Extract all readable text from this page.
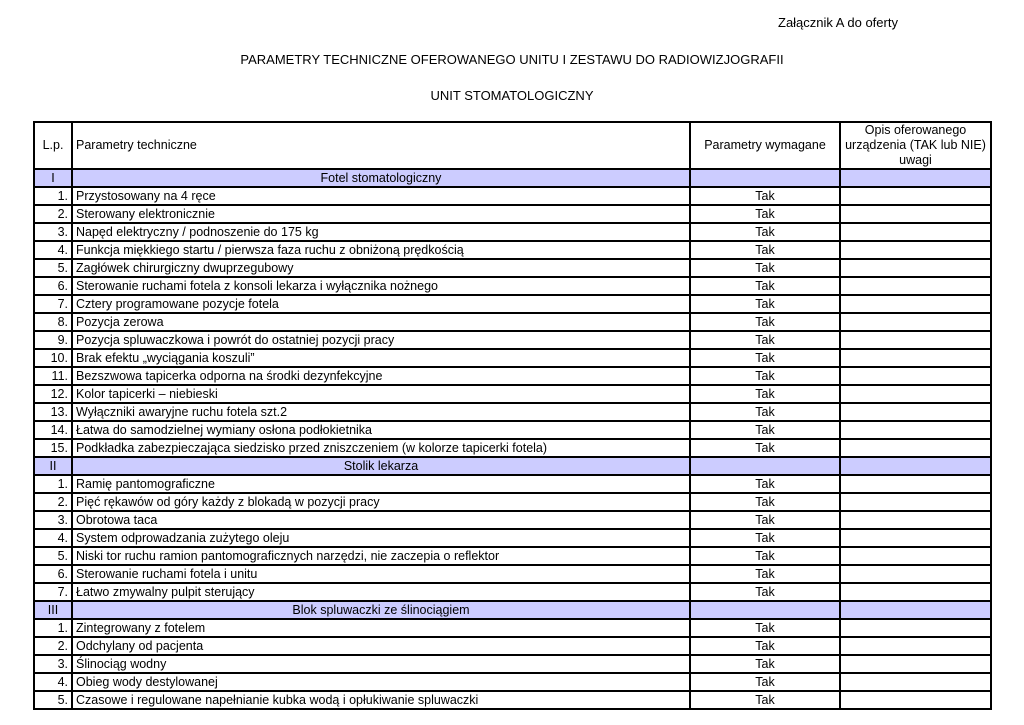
Załącznik A do oferty
PARAMETRY TECHNICZNE OFEROWANEGO UNITU I ZESTAWU DO RADIOWIZJOGRAFII
UNIT STOMATOLOGICZNY
L.p.	Parametry techniczne	Parametry wymagane	Opis oferowanego urządzenia (TAK lub NIE) uwagi
I	Fotel stomatologiczny		
1.	Przystosowany na 4 ręce	Tak	
2.	Sterowany elektronicznie	Tak	
3.	Napęd elektryczny / podnoszenie do 175 kg	Tak	
4.	Funkcja miękkiego startu / pierwsza faza ruchu z obniżoną prędkością	Tak	
5.	Zagłówek chirurgiczny dwuprzegubowy	Tak	
6.	Sterowanie ruchami fotela z konsoli lekarza i wyłącznika nożnego	Tak	
7.	Cztery programowane pozycje fotela	Tak	
8.	Pozycja zerowa	Tak	
9.	Pozycja spluwaczkowa i powrót do ostatniej pozycji pracy	Tak	
10.	Brak efektu „wyciągania koszuli”	Tak	
11.	Bezszwowa tapicerka odporna na środki dezynfekcyjne	Tak	
12.	Kolor tapicerki – niebieski	Tak	
13.	Wyłączniki awaryjne ruchu fotela szt.2	Tak	
14.	Łatwa do samodzielnej wymiany osłona podłokietnika	Tak	
15.	Podkładka zabezpieczająca siedzisko przed zniszczeniem (w kolorze tapicerki fotela)	Tak	
II	Stolik lekarza		
1.	Ramię pantomograficzne	Tak	
2.	Pięć rękawów od góry każdy z blokadą w pozycji pracy	Tak	
3.	Obrotowa taca	Tak	
4.	System odprowadzania zużytego oleju	Tak	
5.	Niski tor ruchu ramion pantomograficznych narzędzi, nie zaczepia o reflektor	Tak	
6.	Sterowanie ruchami fotela i unitu	Tak	
7.	Łatwo zmywalny pulpit sterujący	Tak	
III	Blok spluwaczki ze ślinociągiem		
1.	Zintegrowany z fotelem	Tak	
2.	Odchylany od pacjenta	Tak	
3.	Ślinociąg wodny	Tak	
4.	Obieg wody destylowanej	Tak	
5.	Czasowe i regulowane napełnianie kubka wodą i opłukiwanie spluwaczki	Tak	
